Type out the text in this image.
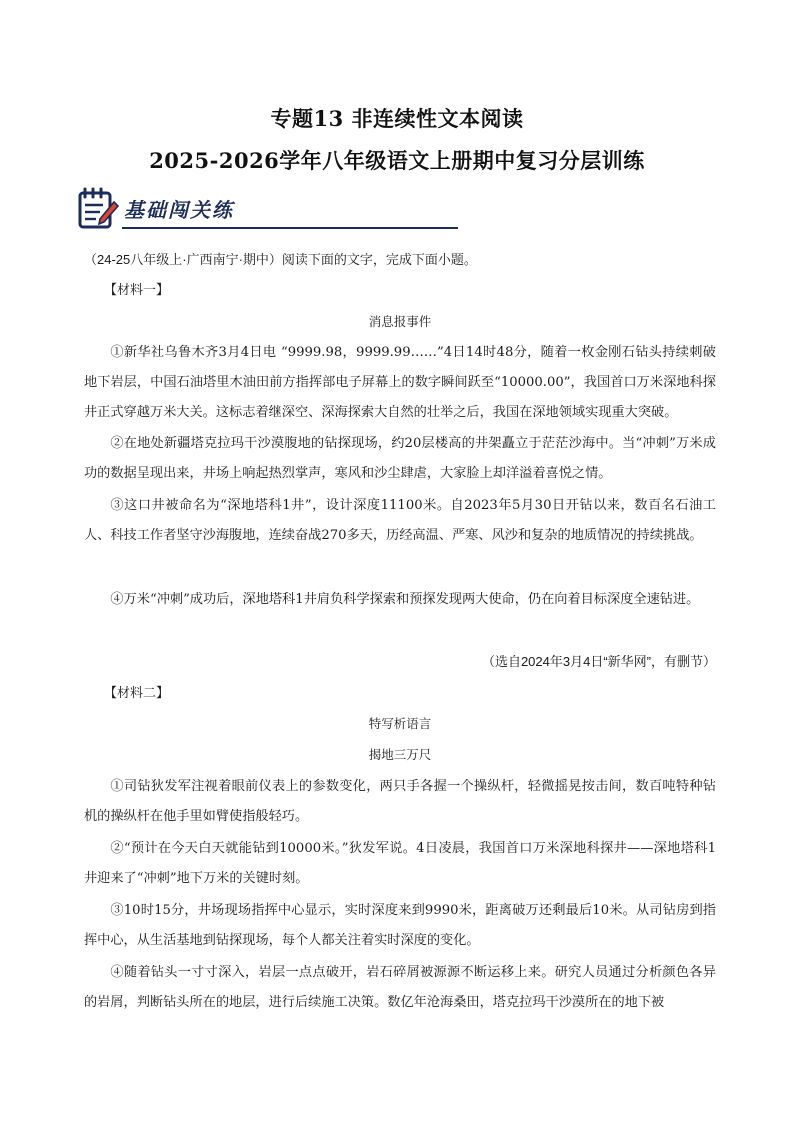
专题13 非连续性文本阅读
2025-2026学年八年级语文上册期中复习分层训练
基础闯关练
（24-25八年级上·广西南宁·期中）阅读下面的文字，完成下面小题。
【材料一】
消息报事件
①新华社乌鲁木齐3月4日电 “9999.98，9999.99……”4日14时48分，随着一枚金刚石钻头持续刺破地下岩层，中国石油塔里木油田前方指挥部电子屏幕上的数字瞬间跃至“10000.00”，我国首口万米深地科探井正式穿越万米大关。这标志着继深空、深海探索大自然的壮举之后，我国在深地领域实现重大突破。
②在地处新疆塔克拉玛干沙漠腹地的钻探现场，约20层楼高的井架矗立于茫茫沙海中。当“冲刺”万米成功的数据呈现出来，井场上响起热烈掌声，寒风和沙尘肆虐，大家脸上却洋溢着喜悦之情。
③这口井被命名为“深地塔科1井”，设计深度11100米。自2023年5月30日开钻以来，数百名石油工人、科技工作者坚守沙海腹地，连续奋战270多天，历经高温、严寒、风沙和复杂的地质情况的持续挑战。
④万米“冲刺”成功后，深地塔科1井肩负科学探索和预探发现两大使命，仍在向着目标深度全速钻进。
（选自2024年3月4日“新华网”，有删节）
【材料二】
特写析语言
揭地三万尺
①司钻狄发军注视着眼前仪表上的参数变化，两只手各握一个操纵杆，轻微摇晃按击间，数百吨特种钻机的操纵杆在他手里如臂使指般轻巧。
②“预计在今天白天就能钻到10000米。”狄发军说。4日凌晨，我国首口万米深地科探井——深地塔科1井迎来了“冲刺”地下万米的关键时刻。
③10时15分，井场现场指挥中心显示，实时深度来到9990米，距离破万还剩最后10米。从司钻房到指挥中心，从生活基地到钻探现场，每个人都关注着实时深度的变化。
④随着钻头一寸寸深入，岩层一点点破开，岩石碎屑被源源不断运移上来。研究人员通过分析颜色各异的岩屑，判断钻头所在的地层，进行后续施工决策。数亿年沧海桑田，塔克拉玛干沙漠所在的地下被
